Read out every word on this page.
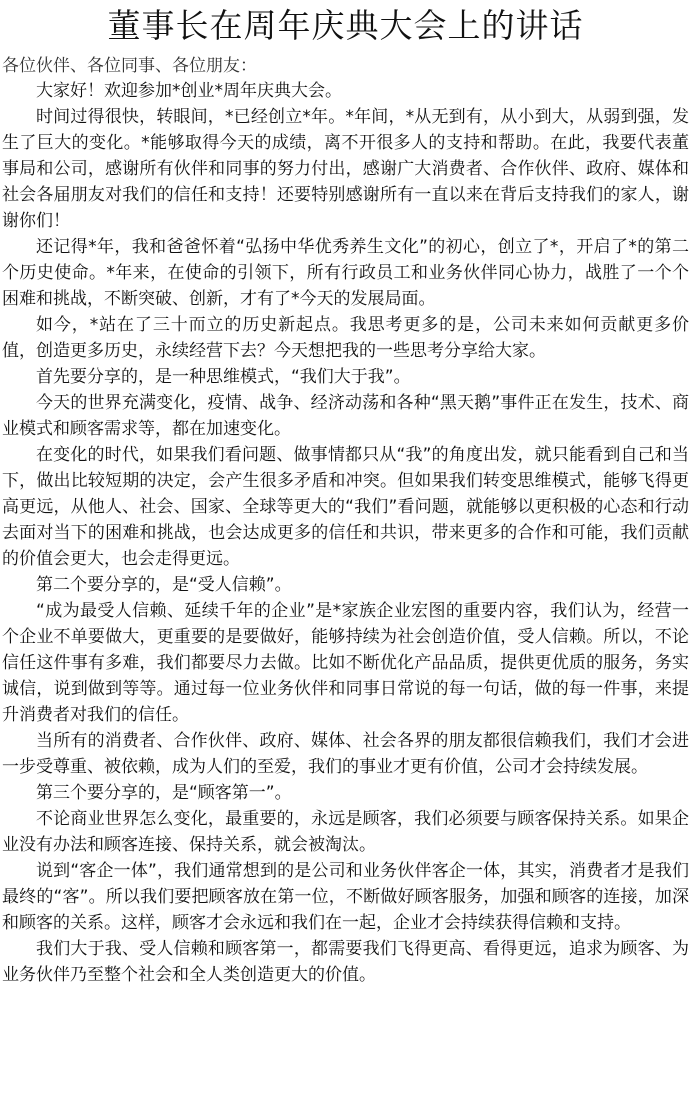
董事长在周年庆典大会上的讲话

各位伙伴、各位同事、各位朋友：

大家好！欢迎参加*创业*周年庆典大会。

时间过得很快，转眼间，*已经创立*年。*年间，*从无到有，从小到大，从弱到强，发生了巨大的变化。*能够取得今天的成绩，离不开很多人的支持和帮助。在此，我要代表董事局和公司，感谢所有伙伴和同事的努力付出，感谢广大消费者、合作伙伴、政府、媒体和社会各届朋友对我们的信任和支持！还要特别感谢所有一直以来在背后支持我们的家人，谢谢你们！

还记得*年，我和爸爸怀着“弘扬中华优秀养生文化”的初心，创立了*，开启了*的第二个历史使命。*年来，在使命的引领下，所有行政员工和业务伙伴同心协力，战胜了一个个困难和挑战，不断突破、创新，才有了*今天的发展局面。

如今，*站在了三十而立的历史新起点。我思考更多的是，公司未来如何贡献更多价值，创造更多历史，永续经营下去？今天想把我的一些思考分享给大家。

首先要分享的，是一种思维模式，“我们大于我”。

今天的世界充满变化，疫情、战争、经济动荡和各种“黑天鹅”事件正在发生，技术、商业模式和顾客需求等，都在加速变化。

在变化的时代，如果我们看问题、做事情都只从“我”的角度出发，就只能看到自己和当下，做出比较短期的决定，会产生很多矛盾和冲突。但如果我们转变思维模式，能够飞得更高更远，从他人、社会、国家、全球等更大的“我们”看问题，就能够以更积极的心态和行动去面对当下的困难和挑战，也会达成更多的信任和共识，带来更多的合作和可能，我们贡献的价值会更大，也会走得更远。

第二个要分享的，是“受人信赖”。

“成为最受人信赖、延续千年的企业”是*家族企业宏图的重要内容，我们认为，经营一个企业不单要做大，更重要的是要做好，能够持续为社会创造价值，受人信赖。所以，不论信任这件事有多难，我们都要尽力去做。比如不断优化产品品质，提供更优质的服务，务实诚信，说到做到等等。通过每一位业务伙伴和同事日常说的每一句话，做的每一件事，来提升消费者对我们的信任。

当所有的消费者、合作伙伴、政府、媒体、社会各界的朋友都很信赖我们，我们才会进一步受尊重、被依赖，成为人们的至爱，我们的事业才更有价值，公司才会持续发展。

第三个要分享的，是“顾客第一”。

不论商业世界怎么变化，最重要的，永远是顾客，我们必须要与顾客保持关系。如果企业没有办法和顾客连接、保持关系，就会被淘汰。

说到“客企一体”，我们通常想到的是公司和业务伙伴客企一体，其实，消费者才是我们最终的“客”。所以我们要把顾客放在第一位，不断做好顾客服务，加强和顾客的连接，加深和顾客的关系。这样，顾客才会永远和我们在一起，企业才会持续获得信赖和支持。

我们大于我、受人信赖和顾客第一，都需要我们飞得更高、看得更远，追求为顾客、为业务伙伴乃至整个社会和全人类创造更大的价值。
